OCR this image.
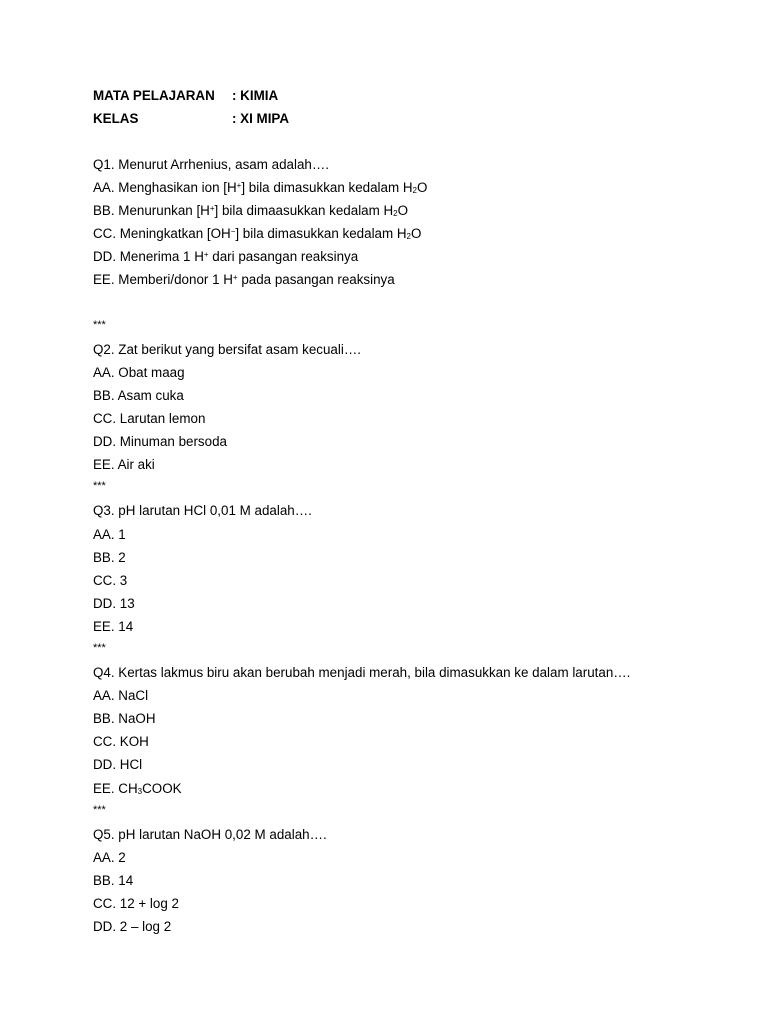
MATA PELAJARAN : KIMIA
KELAS	: XI MIPA
Q1. Menurut Arrhenius, asam adalah….
AA. Menghasikan ion [H+] bila dimasukkan kedalam $H_2O$
BB. Menurunkan [H+] bila dimaasukkan kedalam $H_2O$
CC. Meningkatkan [OH−] bila dimasukkan kedalam $H_2O$
DD. Menerima 1 H+ dari pasangan reaksinya
EE. Memberi/donor 1 H+ pada pasangan reaksinya
***
Q2. Zat berikut yang bersifat asam kecuali….
AA. Obat maag
BB. Asam cuka
CC. Larutan lemon
DD. Minuman bersoda
EE. Air aki
***
Q3. pH larutan HCl 0,01 M adalah….
AA. 1
BB. 2
CC. 3
DD. 13
EE. 14
***
Q4. Kertas lakmus biru akan berubah menjadi merah, bila dimasukkan ke dalam larutan….
AA. NaCl
BB. NaOH
CC. KOH
DD. HCl
EE. $CH_3COOK$
***
Q5. pH larutan NaOH 0,02 M adalah….
AA. 2
BB. 14
CC. 12 + log 2
DD. 2 – log 2
